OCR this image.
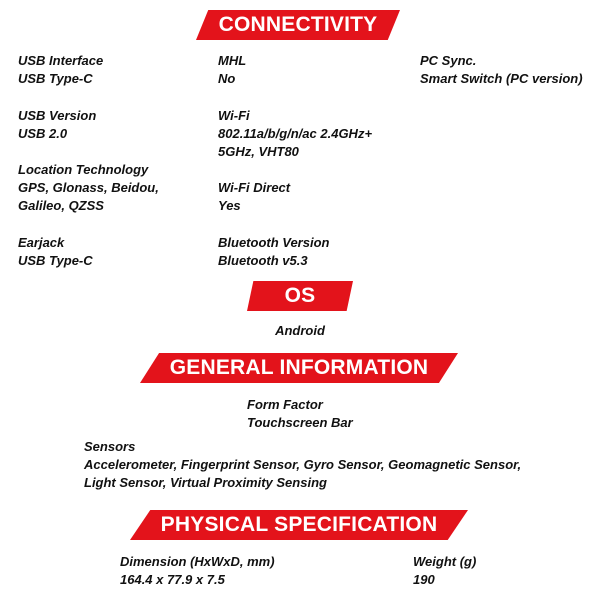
CONNECTIVITY
USB Interface
USB Type-C
USB Version
USB 2.0
Location Technology
GPS, Glonass, Beidou,
Galileo, QZSS
Earjack
USB Type-C
MHL
No
Wi-Fi
802.11a/b/g/n/ac 2.4GHz+
5GHz, VHT80
Wi-Fi Direct
Yes
Bluetooth Version
Bluetooth v5.3
PC Sync.
Smart Switch (PC version)
OS
Android
GENERAL INFORMATION
Form Factor
Touchscreen Bar
Sensors
Accelerometer, Fingerprint Sensor, Gyro Sensor, Geomagnetic Sensor,
Light Sensor, Virtual Proximity Sensing
PHYSICAL SPECIFICATION
Dimension (HxWxD, mm)
164.4 x 77.9 x 7.5
Weight (g)
190
